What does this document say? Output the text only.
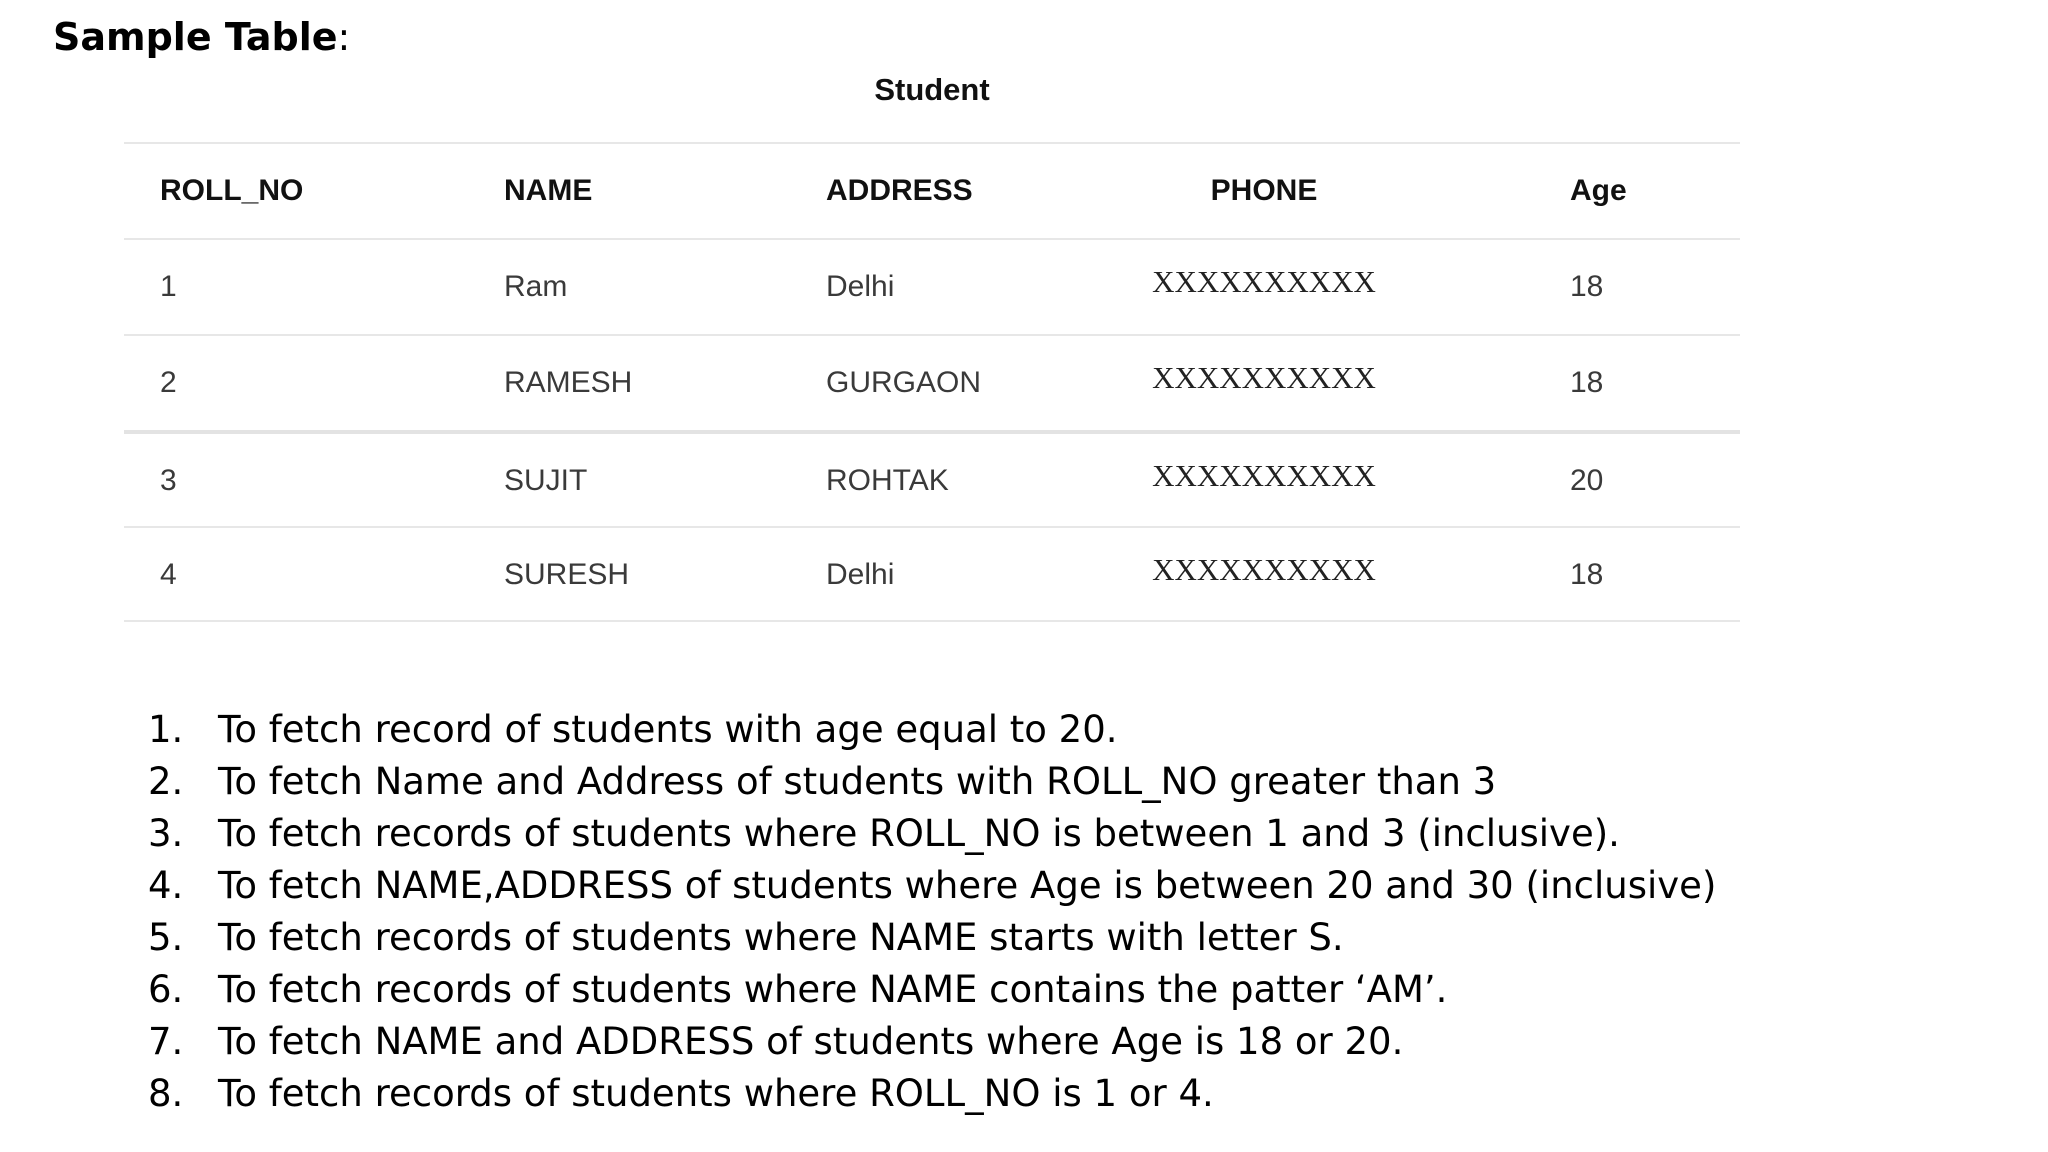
Sample Table:
Student
ROLL_NO	NAME	ADDRESS	PHONE	Age
1	Ram	Delhi	XXXXXXXXXX	18
2	RAMESH	GURGAON	XXXXXXXXXX	18
3	SUJIT	ROHTAK	XXXXXXXXXX	20
4	SURESH	Delhi	XXXXXXXXXX	18
1. To fetch record of students with age equal to 20.
2. To fetch Name and Address of students with ROLL_NO greater than 3
3. To fetch records of students where ROLL_NO is between 1 and 3 (inclusive).
4. To fetch NAME,ADDRESS of students where Age is between 20 and 30 (inclusive)
5. To fetch records of students where NAME starts with letter S.
6. To fetch records of students where NAME contains the patter ‘AM’.
7. To fetch NAME and ADDRESS of students where Age is 18 or 20.
8. To fetch records of students where ROLL_NO is 1 or 4.
